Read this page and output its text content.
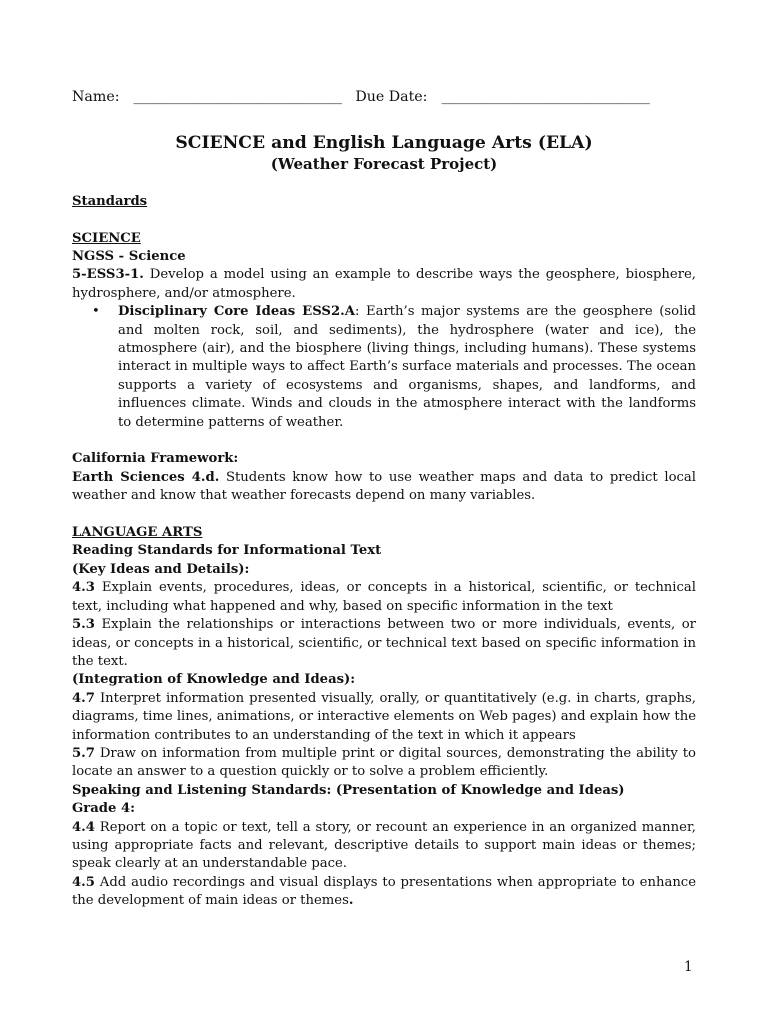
Name: ________________________________ Due Date: ________________________________
SCIENCE and English Language Arts (ELA)
(Weather Forecast Project)

Standards

SCIENCE

NGSS - Science

5-ESS3-1. Develop a model using an example to describe ways the geosphere, biosphere, hydrosphere, and/or atmosphere.

•	Disciplinary Core Ideas ESS2.A: Earth’s major systems are the geosphere (solid and molten rock, soil, and sediments), the hydrosphere (water and ice), the atmosphere (air), and the biosphere (living things, including humans). These systems interact in multiple ways to affect Earth’s surface materials and processes. The ocean supports a variety of ecosystems and organisms, shapes, and landforms, and influences climate. Winds and clouds in the atmosphere interact with the landforms to determine patterns of weather.

California Framework:

Earth Sciences 4.d. Students know how to use weather maps and data to predict local weather and know that weather forecasts depend on many variables.

LANGUAGE ARTS

Reading Standards for Informational Text

(Key Ideas and Details):

4.3 Explain events, procedures, ideas, or concepts in a historical, scientific, or technical text, including what happened and why, based on specific information in the text

5.3 Explain the relationships or interactions between two or more individuals, events, or ideas, or concepts in a historical, scientific, or technical text based on specific information in the text.

(Integration of Knowledge and Ideas):

4.7 Interpret information presented visually, orally, or quantitatively (e.g. in charts, graphs, diagrams, time lines, animations, or interactive elements on Web pages) and explain how the information contributes to an understanding of the text in which it appears

5.7 Draw on information from multiple print or digital sources, demonstrating the ability to locate an answer to a question quickly or to solve a problem efficiently.

Speaking and Listening Standards: (Presentation of Knowledge and Ideas)

Grade 4:

4.4 Report on a topic or text, tell a story, or recount an experience in an organized manner, using appropriate facts and relevant, descriptive details to support main ideas or themes; speak clearly at an understandable pace.

4.5 Add audio recordings and visual displays to presentations when appropriate to enhance the development of main ideas or themes.

1
